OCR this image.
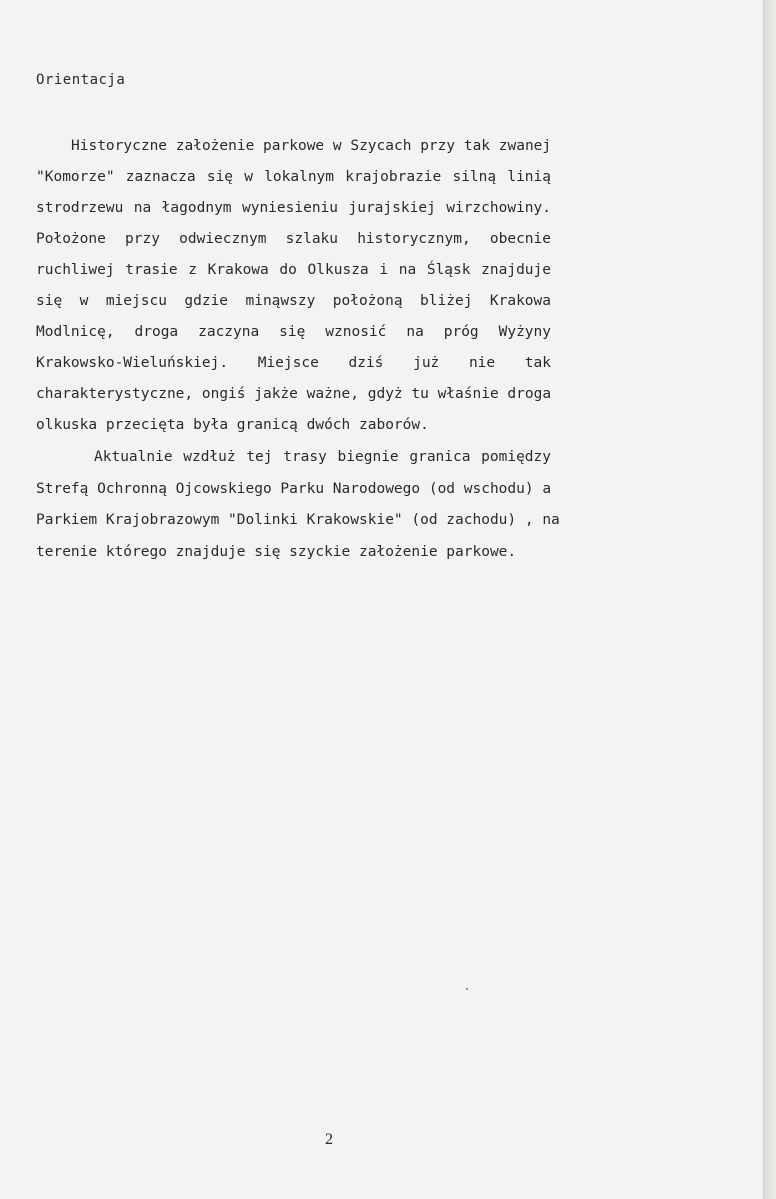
Orientacja
Historyczne założenie parkowe w Szycach przy tak zwanej
"Komorze" zaznacza się w lokalnym krajobrazie silną linią
strodrzewu na łagodnym wyniesieniu jurajskiej wirzchowiny.
Położone przy odwiecznym szlaku historycznym, obecnie
ruchliwej trasie z Krakowa do Olkusza i na Śląsk znajduje
się w miejscu gdzie minąwszy położoną bliżej Krakowa
Modlnicę, droga zaczyna się wznosić na próg Wyżyny
Krakowsko-Wieluńskiej. Miejsce dziś już nie tak
charakterystyczne, ongiś jakże ważne, gdyż tu właśnie droga
olkuska przecięta była granicą dwóch zaborów.
Aktualnie wzdłuż tej trasy biegnie granica pomiędzy
Strefą Ochronną Ojcowskiego Parku Narodowego (od wschodu) a
Parkiem Krajobrazowym "Dolinki Krakowskie" (od zachodu) , na
terenie którego znajduje się szyckie założenie parkowe.
2
